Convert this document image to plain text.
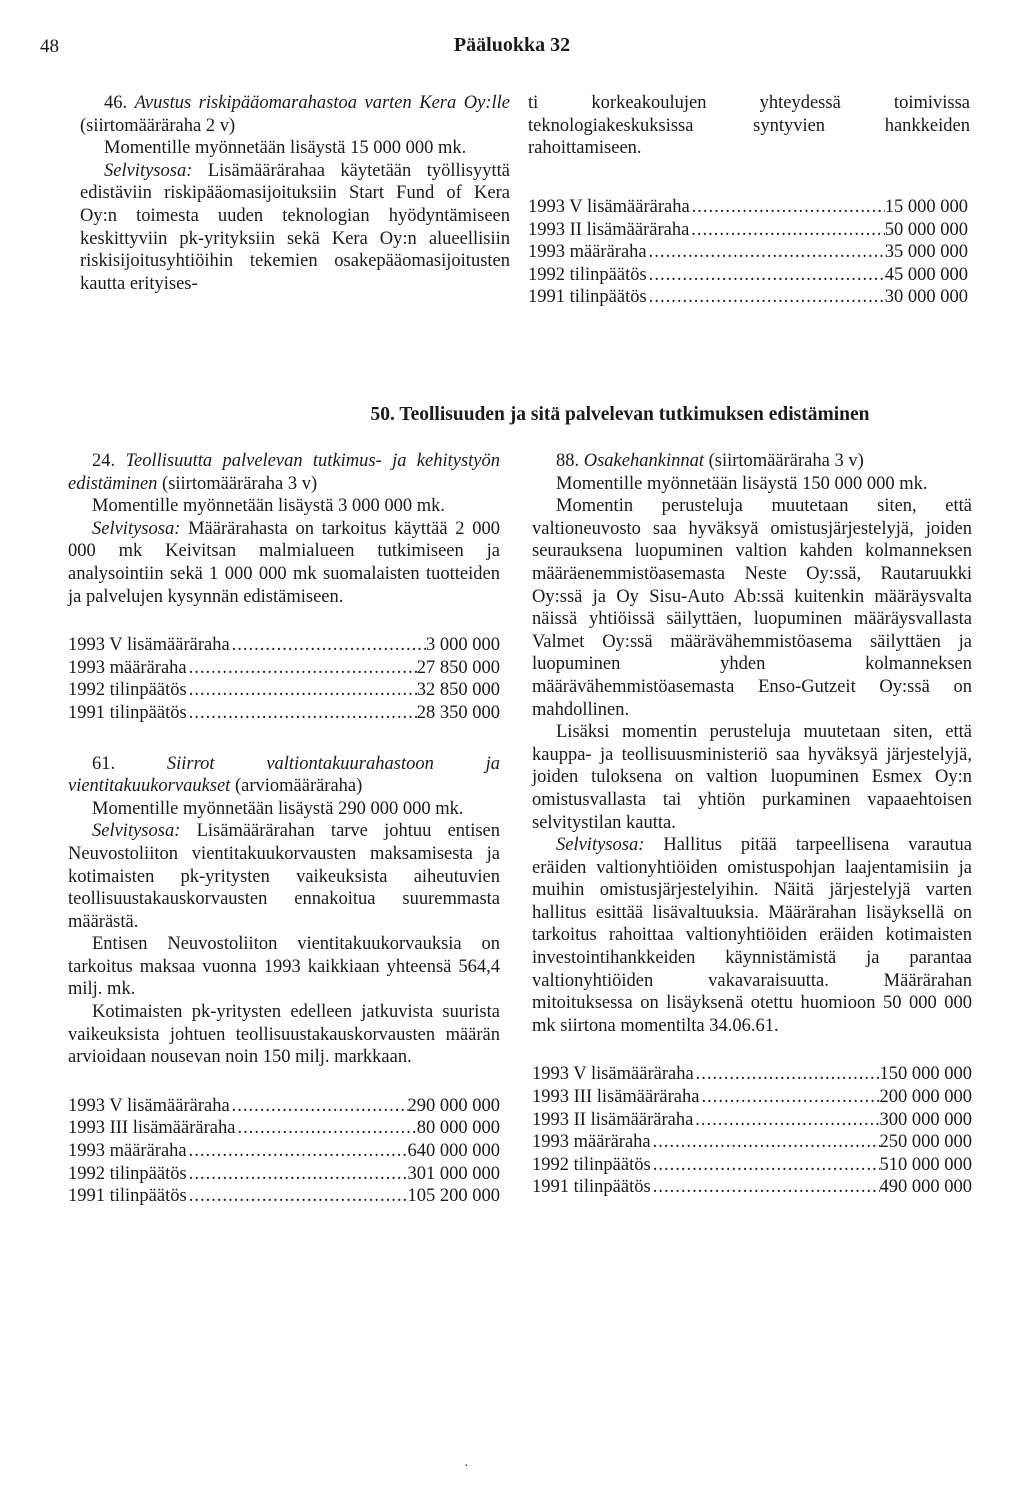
48	Pääluokka 32

46. Avustus riskipääomarahastoa varten Kera Oy:lle (siirtomääräraha 2 v)

Momentille myönnetään lisäystä 15 000 000 mk.

Selvitysosa: Lisämäärärahaa käytetään työllisyyttä edistäviin riskipääomasijoituksiin Start Fund of Kera Oy:n toimesta uuden teknologian hyödyntämiseen keskittyviin pk-yrityksiin sekä Kera Oy:n alueellisiin riskisijoitusyhtiöihin tekemien osakepääomasijoitusten kautta erityises-

ti korkeakoulujen yhteydessä toimivissa teknologiakeskuksissa syntyvien hankkeiden rahoittamiseen.

1993 V lisämääräraha .....	15 000 000
1993 II lisämääräraha .....	50 000 000
1993 määräraha .....	35 000 000
1992 tilinpäätös .....	45 000 000
1991 tilinpäätös .....	30 000 000
50. Teollisuuden ja sitä palvelevan tutkimuksen edistäminen

24. Teollisuutta palvelevan tutkimus- ja kehitystyön edistäminen (siirtomääräraha 3 v)

Momentille myönnetään lisäystä 3 000 000 mk.

Selvitysosa: Määrärahasta on tarkoitus käyttää 2 000 000 mk Keivitsan malmialueen tutkimiseen ja analysointiin sekä 1 000 000 mk suomalaisten tuotteiden ja palvelujen kysynnän edistämiseen.

1993 V lisämääräraha .....	3 000 000
1993 määräraha .....	27 850 000
1992 tilinpäätös .....	32 850 000
1991 tilinpäätös .....	28 350 000

61.	Siirrot valtiontakuurahastoon ja vientitakuukorvaukset (arviomääräraha)

Momentille myönnetään lisäystä 290 000 000 mk.

Selvitysosa: Lisämäärärahan tarve johtuu entisen Neuvostoliiton vientitakuukorvausten maksamisesta ja kotimaisten pk-yritysten vaikeuksista aiheutuvien teollisuustakauskorvausten ennakoitua suuremmasta määrästä.

Entisen Neuvostoliiton vientitakuukorvauksia on tarkoitus maksaa vuonna 1993 kaikkiaan yhteensä 564,4 milj. mk.

Kotimaisten pk-yritysten edelleen jatkuvista suurista vaikeuksista johtuen teollisuustakauskorvausten määrän arvioidaan nousevan noin 150 milj. markkaan.

1993 V lisämääräraha .....	290 000 000
1993 III lisämääräraha .....	80 000 000
1993 määräraha .....	640 000 000
1992 tilinpäätös .....	301 000 000
1991 tilinpäätös .....	105 200 000

88. Osakehankinnat (siirtomääräraha 3 v)

Momentille myönnetään lisäystä 150 000 000 mk.

Momentin perusteluja muutetaan siten, että valtioneuvosto saa hyväksyä omistusjärjestelyjä, joiden seurauksena luopuminen valtion kahden kolmanneksen määräenemmistöasemasta Neste Oy:ssä, Rautaruukki Oy:ssä ja Oy Sisu-Auto Ab:ssä kuitenkin määräysvalta näissä yhtiöissä säilyttäen, luopuminen määräysvallasta Valmet Oy:ssä määrävähemmistöasema säilyttäen ja luopuminen yhden kolmanneksen määrävähemmistöasemasta Enso-Gutzeit Oy:ssä on mahdollinen.

Lisäksi momentin perusteluja muutetaan siten, että kauppa- ja teollisuusministeriö saa hyväksyä järjestelyjä, joiden tuloksena on valtion luopuminen Esmex Oy:n omistusvallasta tai yhtiön purkaminen vapaaehtoisen selvitystilan kautta.

Selvitysosa: Hallitus pitää tarpeellisena varautua eräiden valtionyhtiöiden omistuspohjan laajentamisiin ja muihin omistusjärjestelyihin. Näitä järjestelyjä varten hallitus esittää lisävaltuuksia. Määrärahan lisäyksellä on tarkoitus rahoittaa valtionyhtiöiden eräiden kotimaisten investointihankkeiden käynnistämistä ja parantaa valtionyhtiöiden vakavaraisuutta. Määrärahan mitoituksessa on lisäyksenä otettu huomioon 50 000 000 mk siirtona momentilta 34.06.61.

1993 V lisämääräraha .....	150 000 000
1993 III lisämääräraha .....	200 000 000
1993 II lisämääräraha .....	300 000 000
1993 määräraha .....	250 000 000
1992 tilinpäätös .....	510 000 000
1991 tilinpäätös .....	490 000 000
·
